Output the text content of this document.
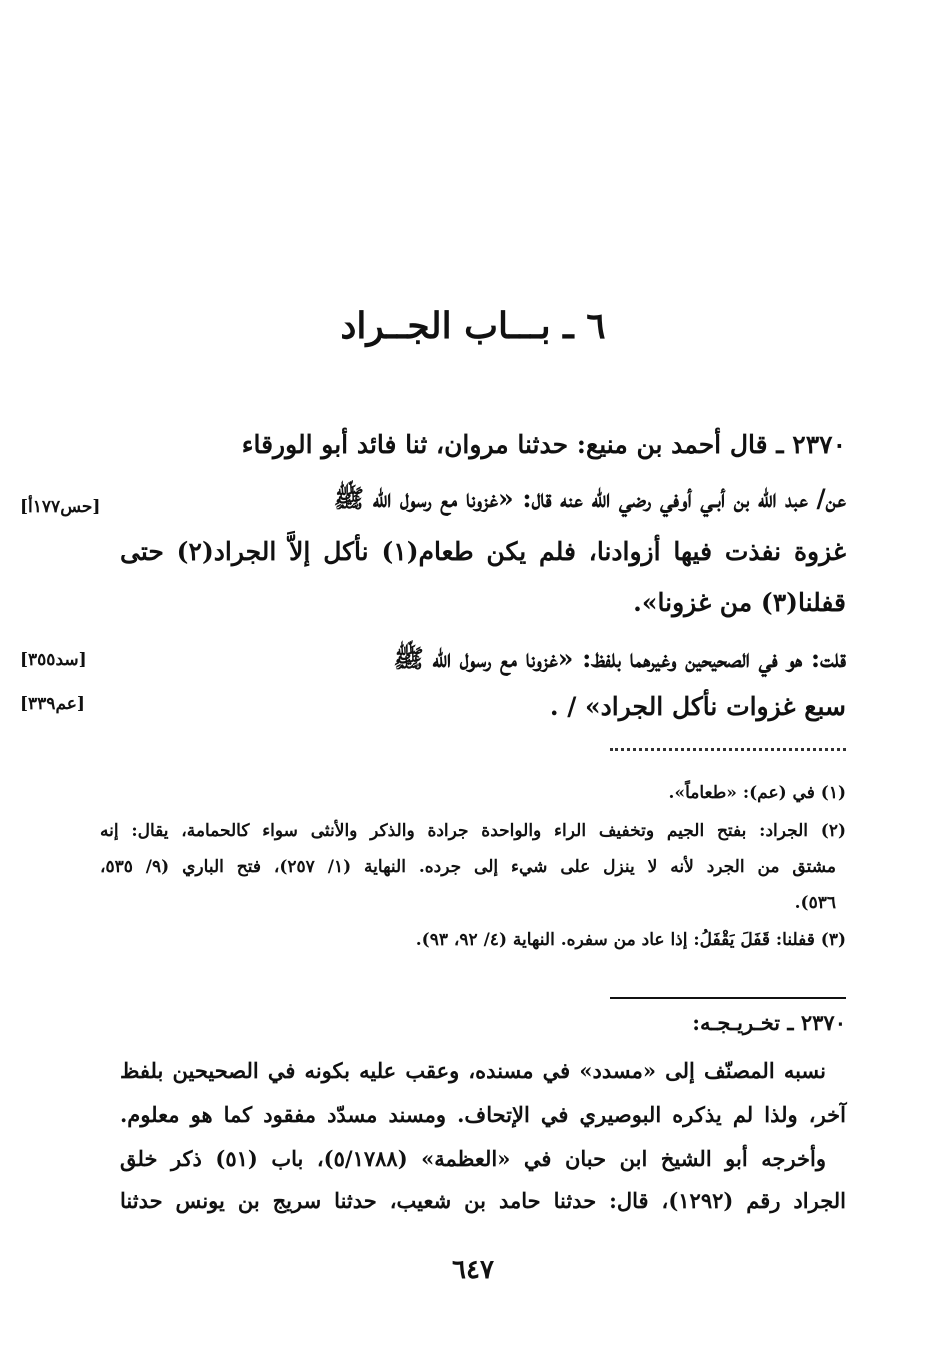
٦ ـ بـــاب الجــراد
٢٣٧٠ ـ قال أحمد بن منيع: حدثنا مروان، ثنا فائد أبو الورقاء
عن/ عبد الله بن أبـي أوفي رضي الله عنه قال: «غزونا مع رسول الله ﷺ
[حس١٧٧أ]
غزوة نفذت فيها أزوادنا، فلم يكن طعام(١) نأكل إلاَّ الجراد(٢) حتى
قفلنا(٣) من غزونا».
قلت: هو في الصحيحين وغيرهما بلفظ: «غزونا مع رسول الله ﷺ
[سد٣٥٥]
سبع غزوات نأكل الجراد» / .
[عم٣٣٩]
(١) في (عم): «طعاماً».
(٢) الجراد: بفتح الجيم وتخفيف الراء والواحدة جرادة والذكر والأنثى سواء كالحمامة، يقال: إنه
مشتق من الجرد لأنه لا ينزل على شيء إلى جرده. النهاية (١/ ٢٥٧)، فتح الباري (٩/ ٥٣٥،
٥٣٦).
(٣) قفلنا: قَفَلَ يَقْفَلُ: إذا عاد من سفره. النهاية (٤/ ٩٢، ٩٣).
٢٣٧٠ ـ تخـريـجـه:
نسبه المصنّف إلى «مسدد» في مسنده، وعقب عليه بكونه في الصحيحين بلفظ
آخر، ولذا لم يذكره البوصيري في الإتحاف. ومسند مسدّد مفقود كما هو معلوم.
وأخرجه أبو الشيخ ابن حبان في «العظمة» (٥/١٧٨٨)، باب (٥١) ذكر خلق
الجراد رقم (١٢٩٢)، قال: حدثنا حامد بن شعيب، حدثنا سريج بن يونس حدثنا
٦٤٧
